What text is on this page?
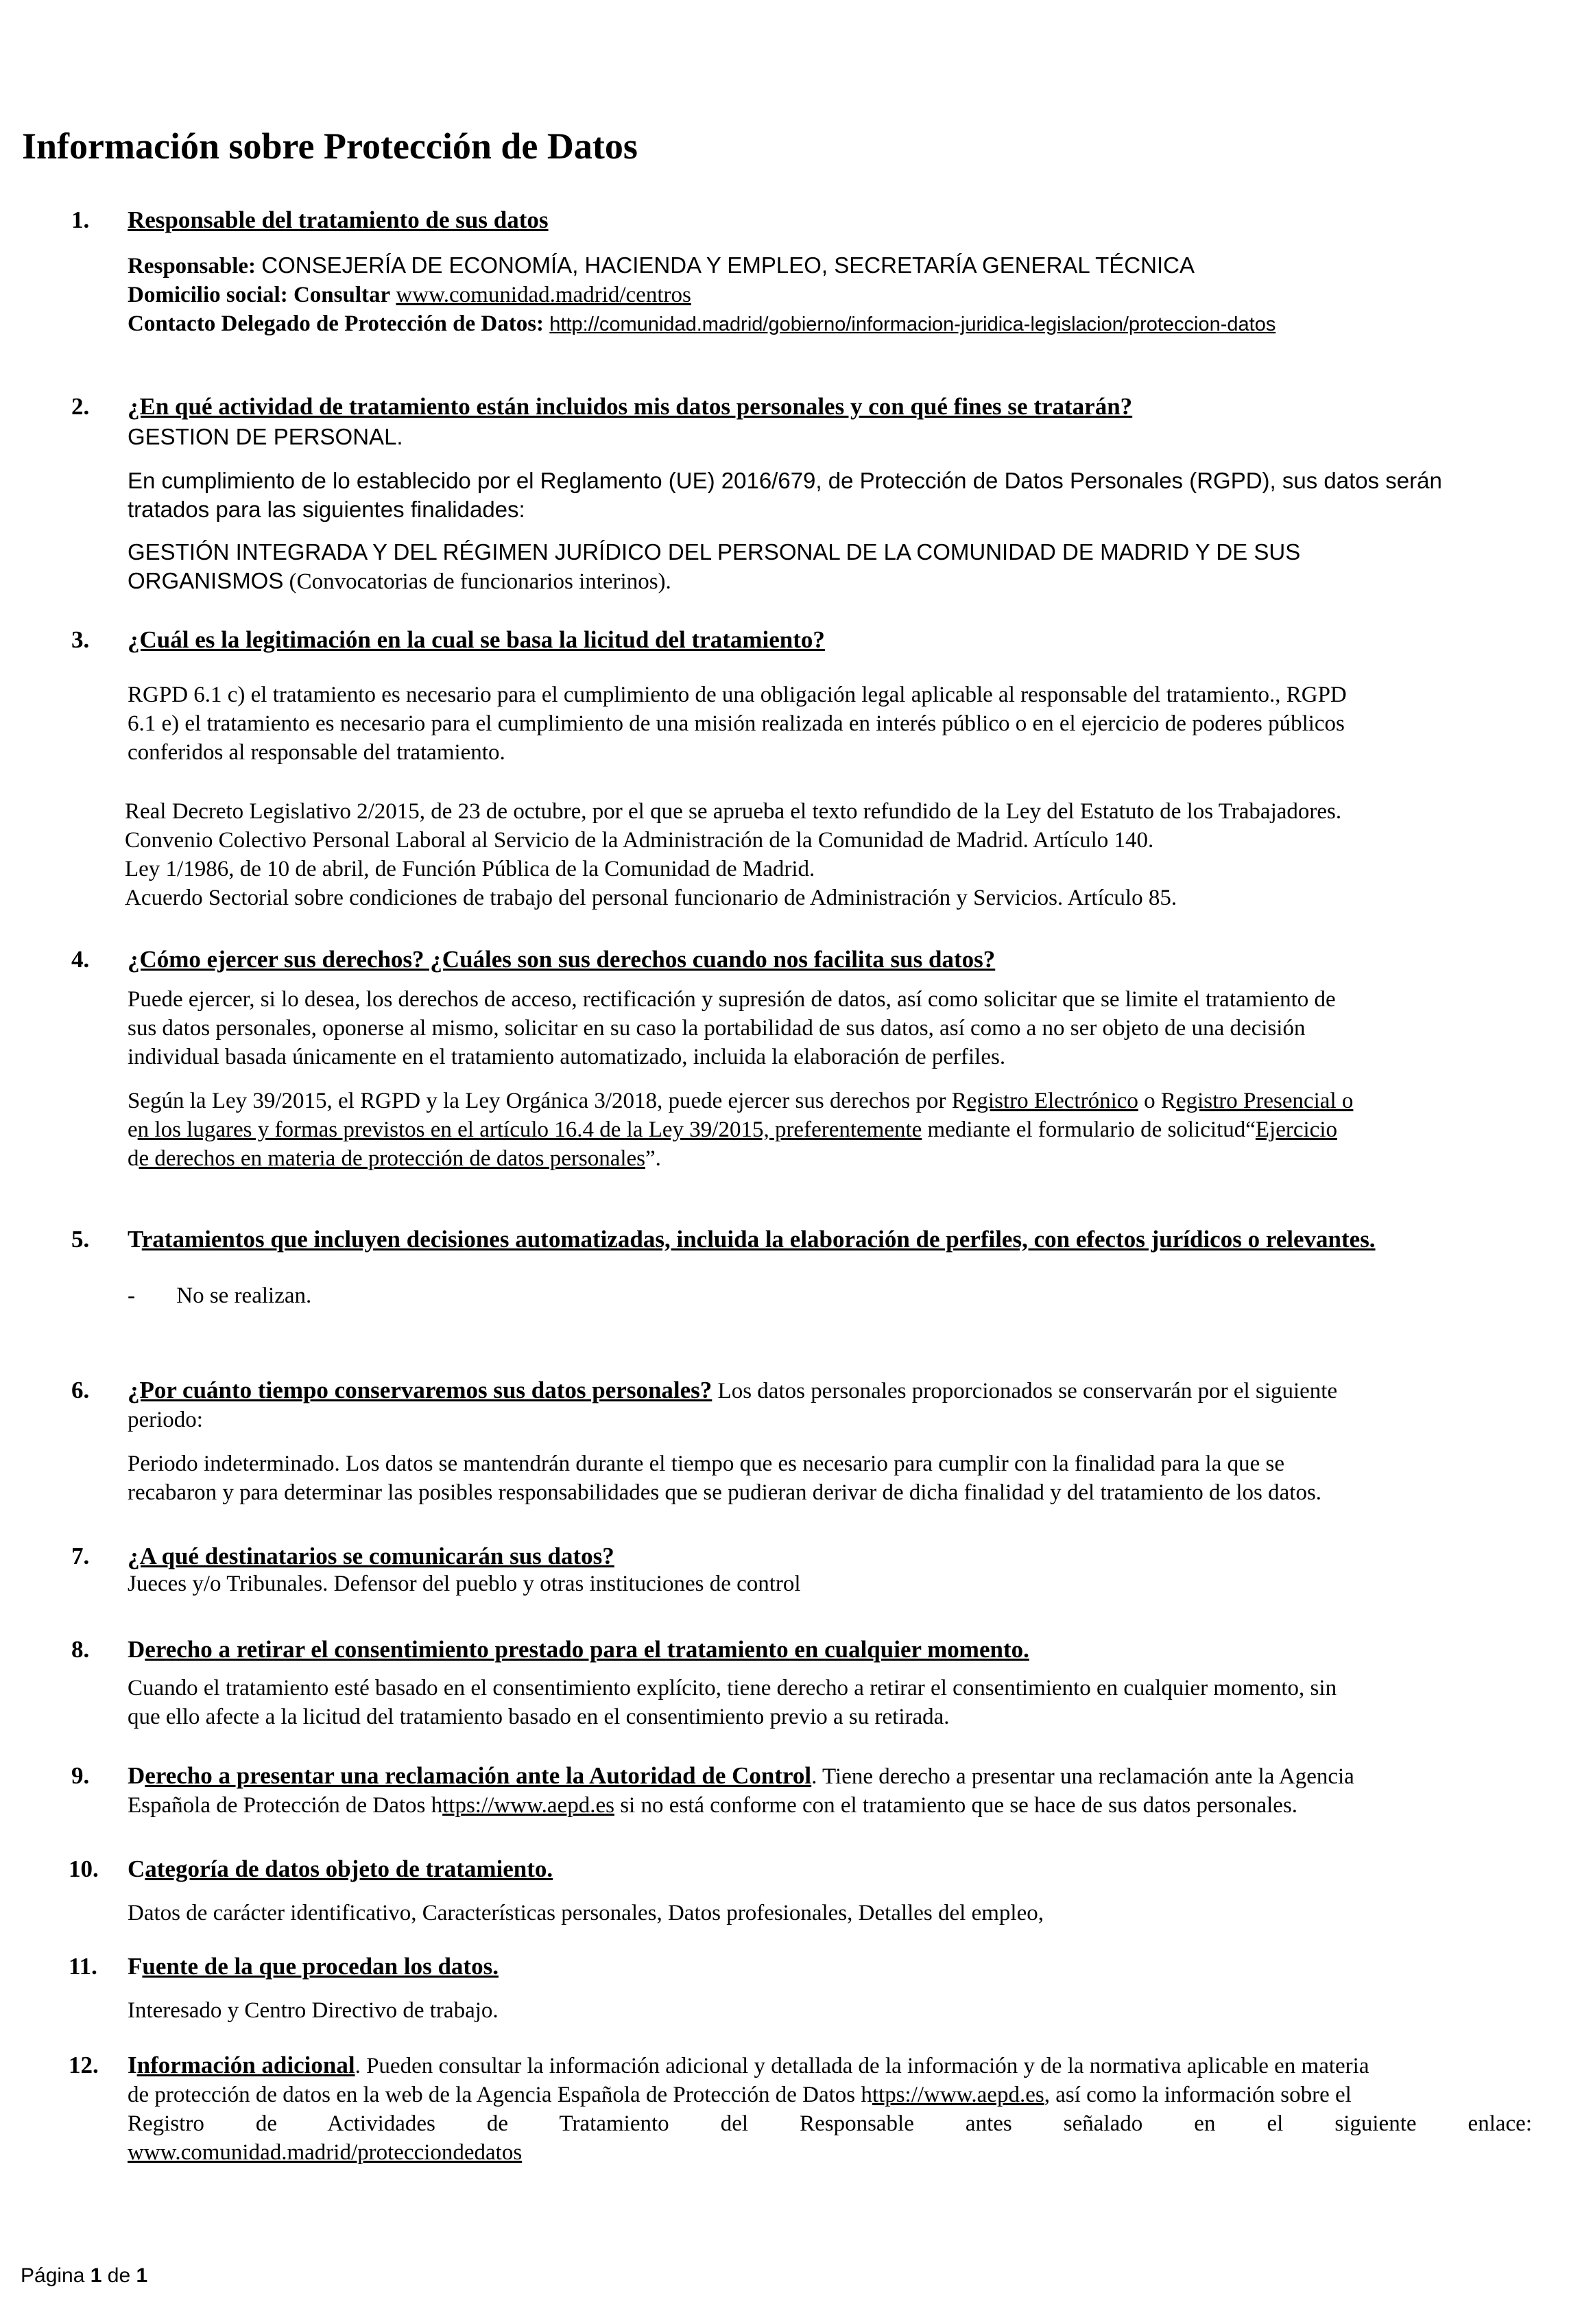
Información sobre Protección de Datos
1. Responsable del tratamiento de sus datos

Responsable: CONSEJERÍA DE ECONOMÍA, HACIENDA Y EMPLEO, SECRETARÍA GENERAL TÉCNICA

Domicilio social: Consultar www.comunidad.madrid/centros

Contacto Delegado de Protección de Datos: http://comunidad.madrid/gobierno/informacion-juridica-legislacion/proteccion-datos

2. ¿En qué actividad de tratamiento están incluidos mis datos personales y con qué fines se tratarán?

GESTION DE PERSONAL.

En cumplimiento de lo establecido por el Reglamento (UE) 2016/679, de Protección de Datos Personales (RGPD), sus datos serán

tratados para las siguientes finalidades:

GESTIÓN INTEGRADA Y DEL RÉGIMEN JURÍDICO DEL PERSONAL DE LA COMUNIDAD DE MADRID Y DE SUS

ORGANISMOS (Convocatorias de funcionarios interinos).

3. ¿Cuál es la legitimación en la cual se basa la licitud del tratamiento?

RGPD 6.1 c) el tratamiento es necesario para el cumplimiento de una obligación legal aplicable al responsable del tratamiento., RGPD

6.1 e) el tratamiento es necesario para el cumplimiento de una misión realizada en interés público o en el ejercicio de poderes públicos

conferidos al responsable del tratamiento.

Real Decreto Legislativo 2/2015, de 23 de octubre, por el que se aprueba el texto refundido de la Ley del Estatuto de los Trabajadores.

Convenio Colectivo Personal Laboral al Servicio de la Administración de la Comunidad de Madrid. Artículo 140.

Ley 1/1986, de 10 de abril, de Función Pública de la Comunidad de Madrid.

Acuerdo Sectorial sobre condiciones de trabajo del personal funcionario de Administración y Servicios. Artículo 85.

4. ¿Cómo ejercer sus derechos? ¿Cuáles son sus derechos cuando nos facilita sus datos?

Puede ejercer, si lo desea, los derechos de acceso, rectificación y supresión de datos, así como solicitar que se limite el tratamiento de

sus datos personales, oponerse al mismo, solicitar en su caso la portabilidad de sus datos, así como a no ser objeto de una decisión

individual basada únicamente en el tratamiento automatizado, incluida la elaboración de perfiles.

Según la Ley 39/2015, el RGPD y la Ley Orgánica 3/2018, puede ejercer sus derechos por Registro Electrónico o Registro Presencial o

en los lugares y formas previstos en el artículo 16.4 de la Ley 39/2015, preferentemente mediante el formulario de solicitud“Ejercicio

de derechos en materia de protección de datos personales”.

5. Tratamientos que incluyen decisiones automatizadas, incluida la elaboración de perfiles, con efectos jurídicos o relevantes.

- No se realizan.

6. ¿Por cuánto tiempo conservaremos sus datos personales? Los datos personales proporcionados se conservarán por el siguiente

periodo:

Periodo indeterminado. Los datos se mantendrán durante el tiempo que es necesario para cumplir con la finalidad para la que se

recabaron y para determinar las posibles responsabilidades que se pudieran derivar de dicha finalidad y del tratamiento de los datos.

7. ¿A qué destinatarios se comunicarán sus datos?

Jueces y/o Tribunales. Defensor del pueblo y otras instituciones de control

8. Derecho a retirar el consentimiento prestado para el tratamiento en cualquier momento.

Cuando el tratamiento esté basado en el consentimiento explícito, tiene derecho a retirar el consentimiento en cualquier momento, sin

que ello afecte a la licitud del tratamiento basado en el consentimiento previo a su retirada.

9. Derecho a presentar una reclamación ante la Autoridad de Control. Tiene derecho a presentar una reclamación ante la Agencia

Española de Protección de Datos https://www.aepd.es si no está conforme con el tratamiento que se hace de sus datos personales.

10. Categoría de datos objeto de tratamiento.

Datos de carácter identificativo, Características personales, Datos profesionales, Detalles del empleo,

11. Fuente de la que procedan los datos.

Interesado y Centro Directivo de trabajo.

12. Información adicional. Pueden consultar la información adicional y detallada de la información y de la normativa aplicable en materia

de protección de datos en la web de la Agencia Española de Protección de Datos https://www.aepd.es, así como la información sobre el

Registro de Actividades de Tratamiento del Responsable antes señalado en el siguiente enlace:

www.comunidad.madrid/protecciondedatos

Página 1 de 1
